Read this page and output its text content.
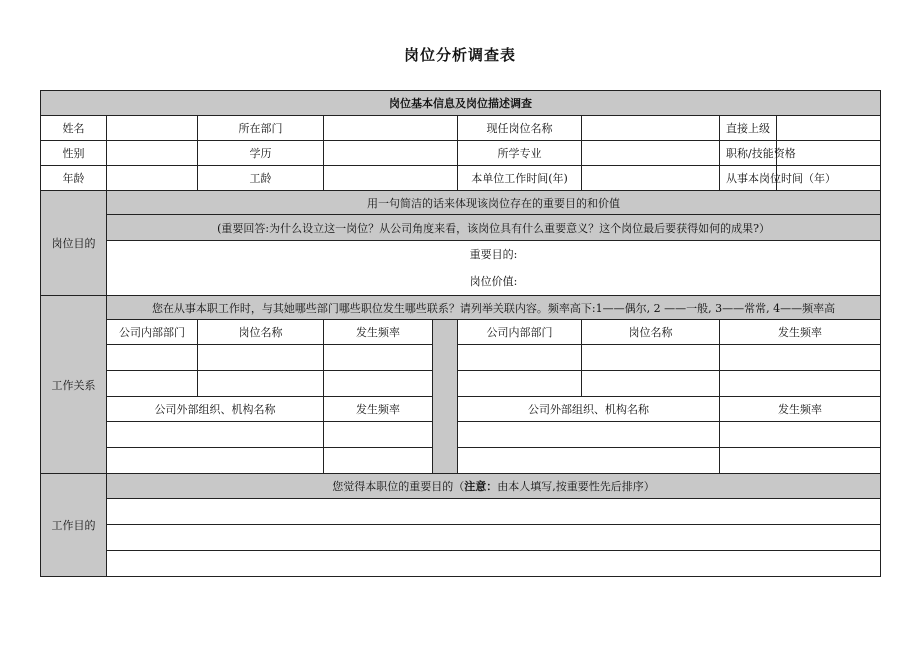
岗位分析调查表
岗位基本信息及岗位描述调查								
姓名		所在部门			现任岗位名称		直接上级	
性别		学历			所学专业		职称/技能资格	
年龄		工龄			本单位工作时间(年)		从事本岗位时间（年）	
岗位目的	用一句简洁的话来体现该岗位存在的重要目的和价值							
	(重要回答:为什么设立这一岗位？从公司角度来看，该岗位具有什么重要意义？这个岗位最后要获得如何的成果?）							
	重要目的:							
	岗位价值:							
工作关系	您在从事本职工作时，与其她哪些部门哪些职位发生哪些联系？请列举关联内容。频率高下:1——偶尔, 2 ——一般, 3——常常, 4——频率高							
	公司内部部门	岗位名称	发生频率		公司内部部门	岗位名称	发生频率	

	公司外部组织、机构名称		发生频率		公司外部组织、机构名称		发生频率	

工作目的	您觉得本职位的重要目的（注意：由本人填写,按重要性先后排序）							
